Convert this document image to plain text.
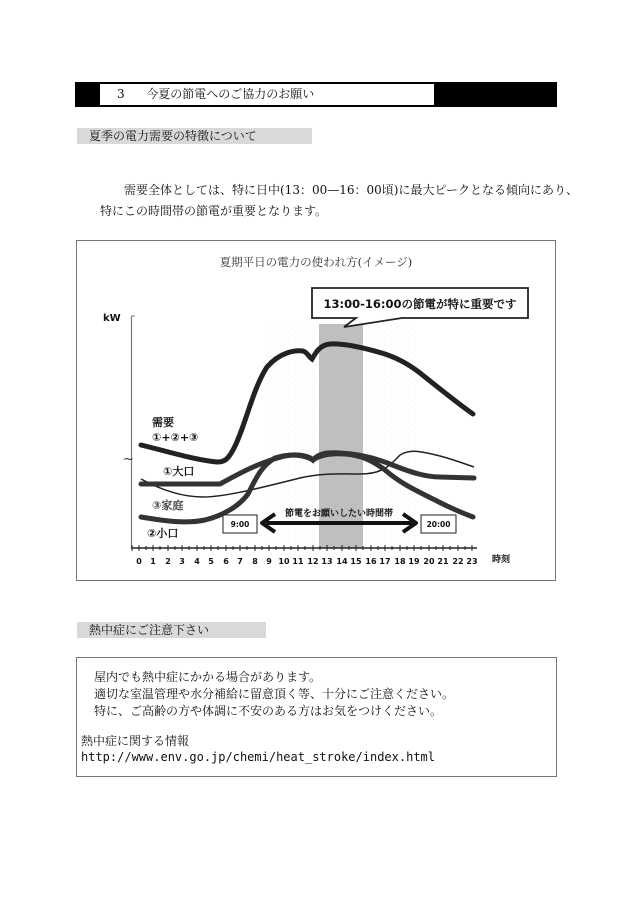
3 今夏の節電へのご協力のお願い
夏季の電力需要の特徴について
需要全体としては、特に日中(13：00—16：00頃)に最大ピークとなる傾向にあり、
特にこの時間帯の節電が重要となります。
夏期平日の電力の使われ方(イメージ)
13:00-16:00の節電が特に重要です
kW
~
0 1 2 3 4 5 6 7 8 9 10 11 12 13 14 15 16 17 18 19 20 21 22 23 時刻
需要
①+②+③
①大口
③家庭
②小口
節電をお願いしたい時間帯
9:00	20:00
熱中症にご注意下さい
屋内でも熱中症にかかる場合があります。
適切な室温管理や水分補給に留意頂く等、十分にご注意ください。
特に、ご高齢の方や体調に不安のある方はお気をつけください。
熱中症に関する情報
http://www.env.go.jp/chemi/heat_stroke/index.html
